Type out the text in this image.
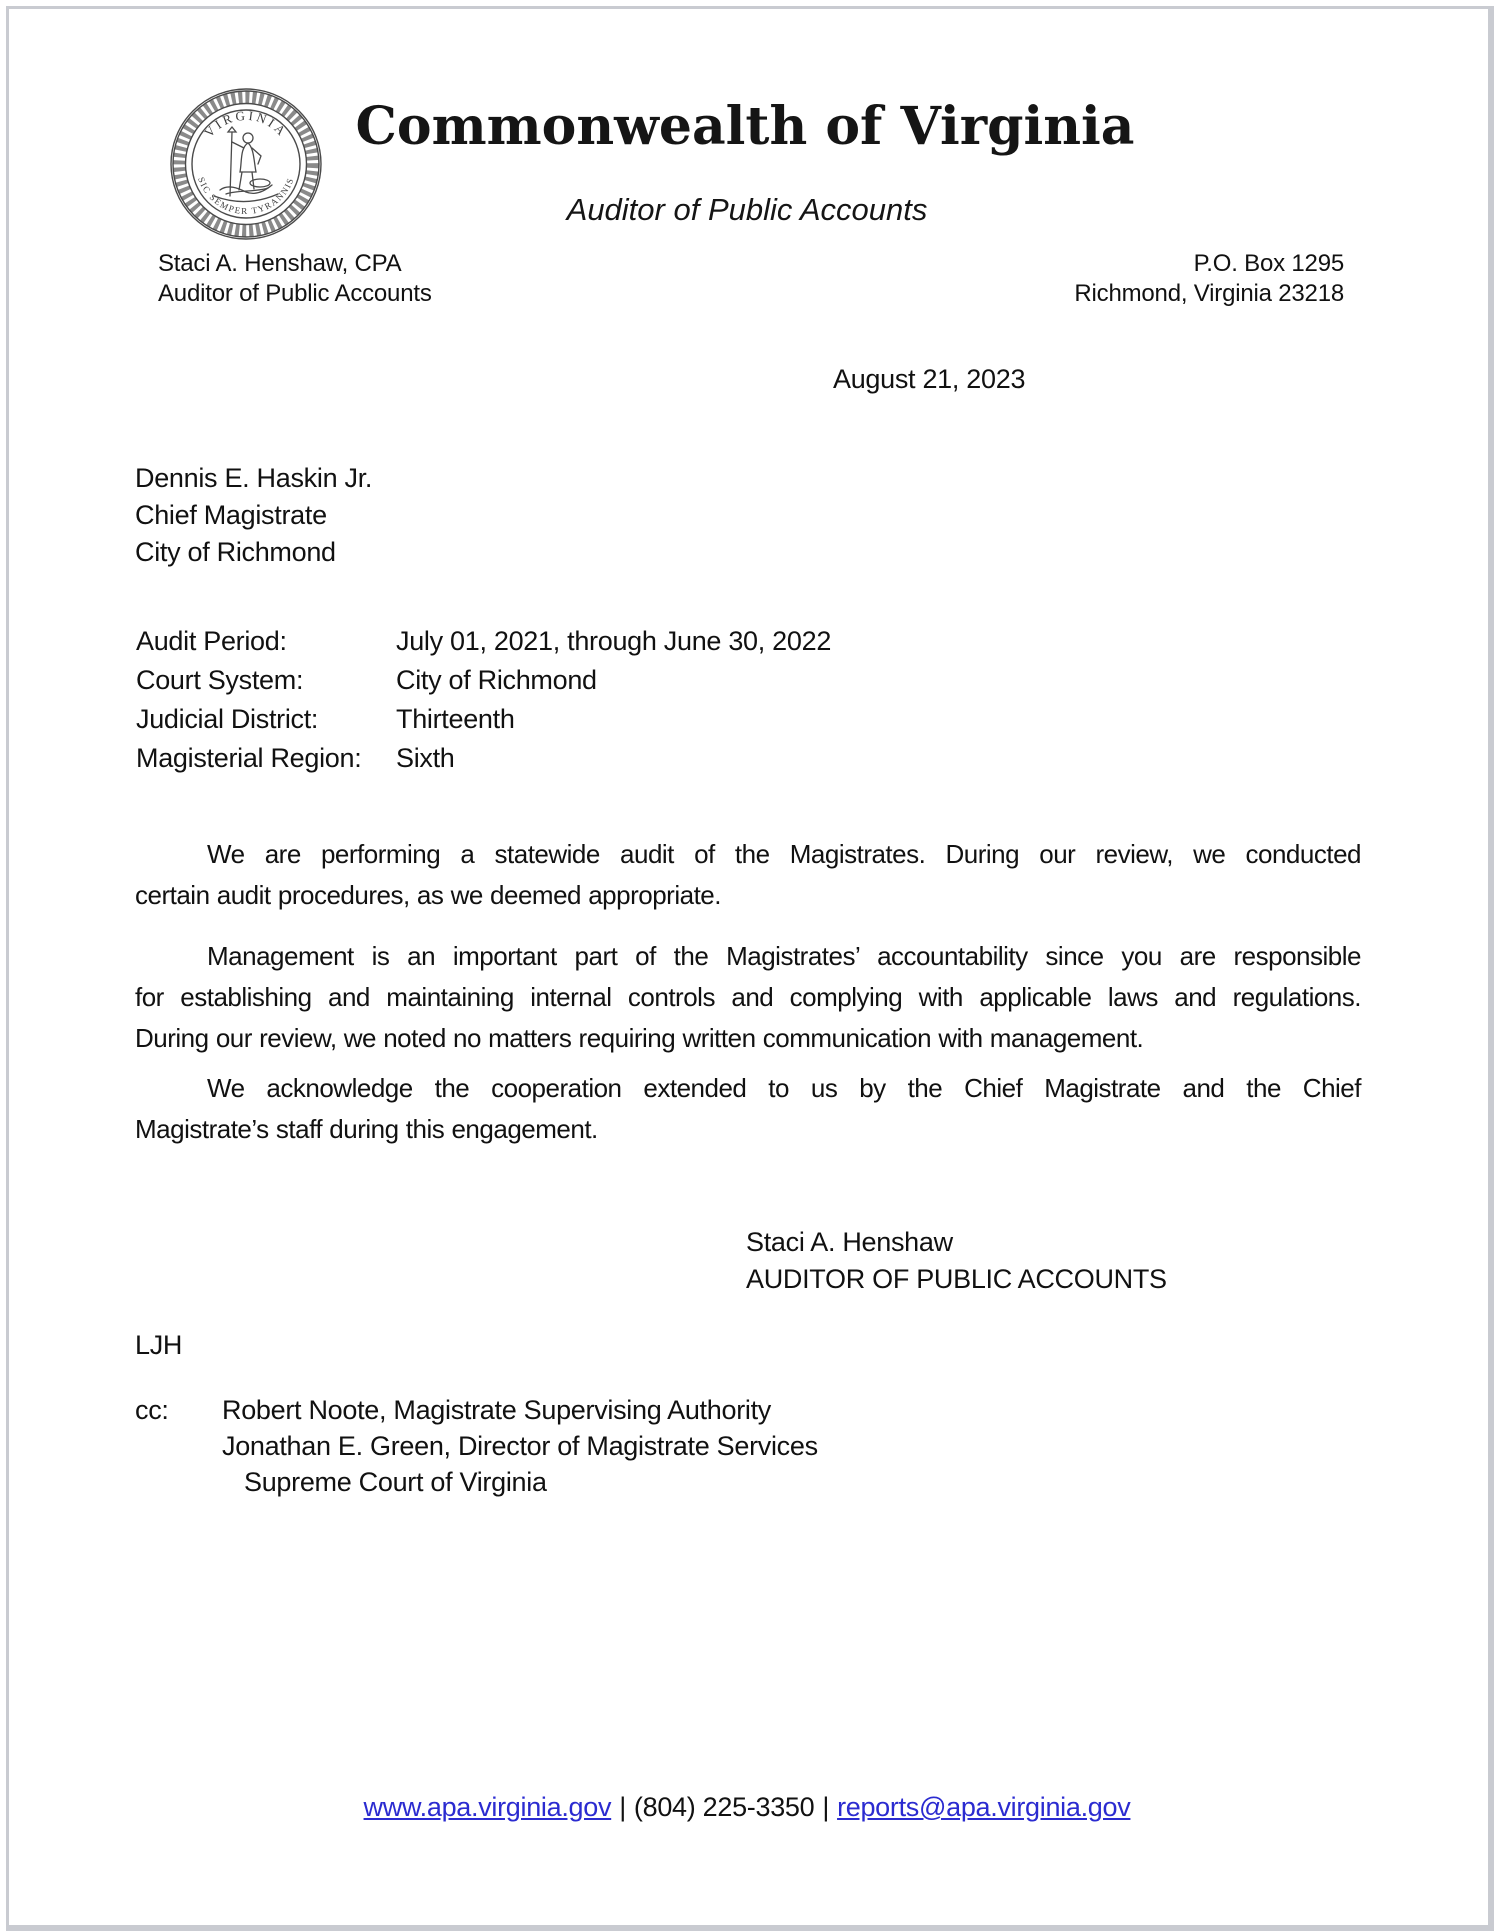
VIRGINIA
SIC SEMPER TYRANNIS
Commonwealth of Virginia
Auditor of Public Accounts
Staci A. Henshaw, CPA
Auditor of Public Accounts
P.O. Box 1295
Richmond, Virginia 23218
August 21, 2023
Dennis E. Haskin Jr.
Chief Magistrate
City of Richmond
Audit Period:	July 01, 2021, through June 30, 2022
Court System:	City of Richmond
Judicial District:	Thirteenth
Magisterial Region:	Sixth
We are performing a statewide audit of the Magistrates. During our review, we conducted
certain audit procedures, as we deemed appropriate.
Management is an important part of the Magistrates’ accountability since you are responsible
for establishing and maintaining internal controls and complying with applicable laws and regulations.
During our review, we noted no matters requiring written communication with management.
We acknowledge the cooperation extended to us by the Chief Magistrate and the Chief
Magistrate’s staff during this engagement.
Staci A. Henshaw
AUDITOR OF PUBLIC ACCOUNTS
LJH
cc:	Robert Noote, Magistrate Supervising Authority
Jonathan E. Green, Director of Magistrate Services
Supreme Court of Virginia
www.apa.virginia.gov | (804) 225-3350 | reports@apa.virginia.gov
